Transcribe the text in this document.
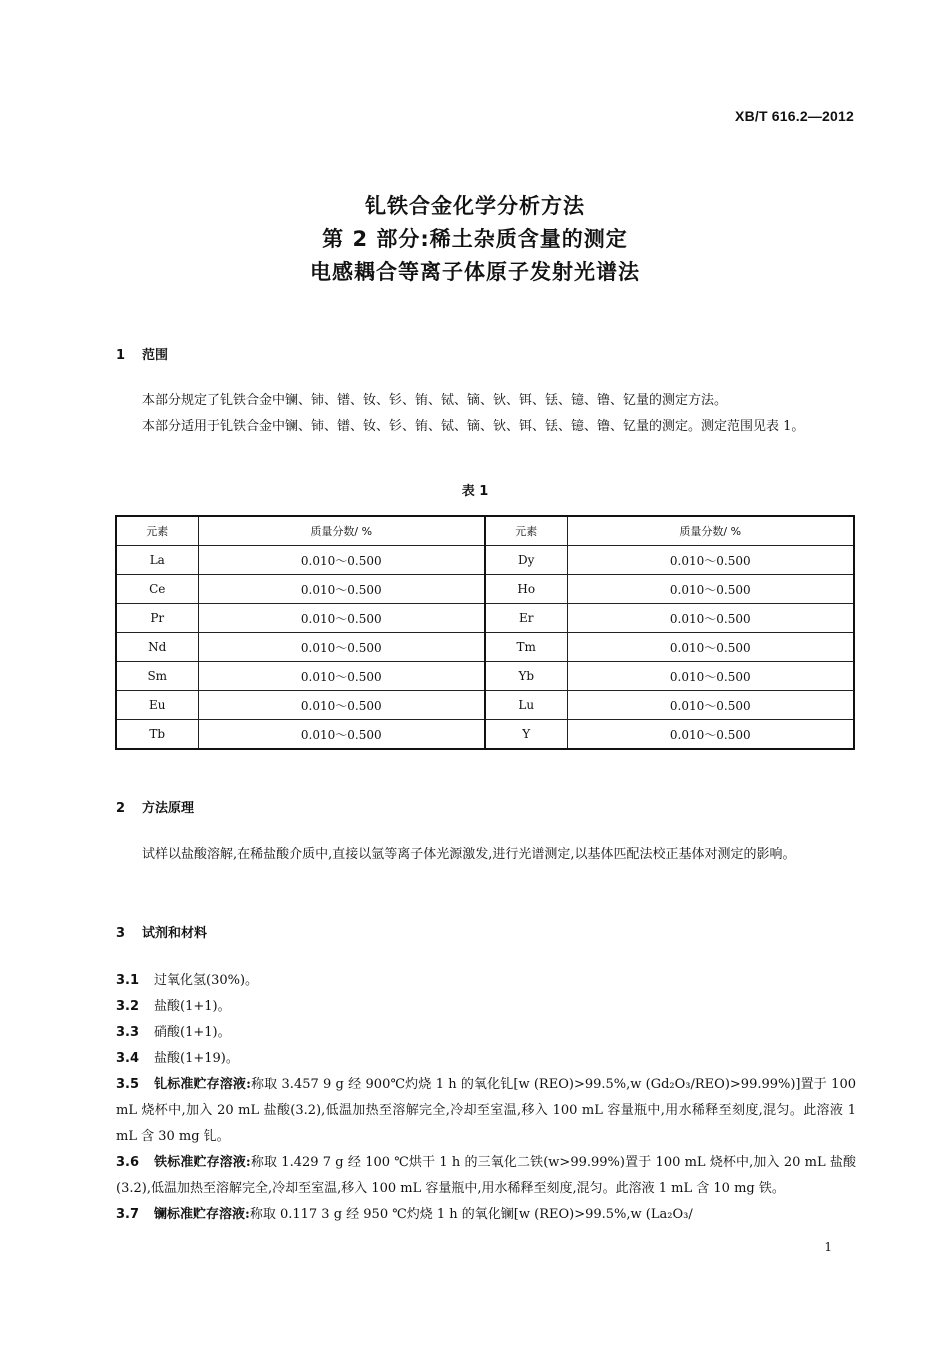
XB/T 616.2—2012
钆铁合金化学分析方法
第 2 部分:稀土杂质含量的测定
电感耦合等离子体原子发射光谱法
1 范围

本部分规定了钆铁合金中镧、铈、镨、钕、钐、铕、铽、镝、钬、铒、铥、镱、镥、钇量的测定方法。

本部分适用于钆铁合金中镧、铈、镨、钕、钐、铕、铽、镝、钬、铒、铥、镱、镥、钇量的测定。测定范围见表 1。

表 1
元素	质量分数/ %	元素	质量分数/ %
La	0.010～0.500	Dy	0.010～0.500
Ce	0.010～0.500	Ho	0.010～0.500
Pr	0.010～0.500	Er	0.010～0.500
Nd	0.010～0.500	Tm	0.010～0.500
Sm	0.010～0.500	Yb	0.010～0.500
Eu	0.010～0.500	Lu	0.010～0.500
Tb	0.010～0.500	Y	0.010～0.500
2 方法原理

试样以盐酸溶解,在稀盐酸介质中,直接以氩等离子体光源激发,进行光谱测定,以基体匹配法校正基体对测定的影响。

3 试剂和材料

3.1 过氧化氢(30%)。

3.2 盐酸(1+1)。

3.3 硝酸(1+1)。

3.4 盐酸(1+19)。

3.5 钆标准贮存溶液:称取 3.457 9 g 经 900℃灼烧 1 h 的氧化钆[w (REO)>99.5%,w (Gd₂O₃/REO)>99.99%)]置于 100 mL 烧杯中,加入 20 mL 盐酸(3.2),低温加热至溶解完全,冷却至室温,移入 100 mL 容量瓶中,用水稀释至刻度,混匀。此溶液 1 mL 含 30 mg 钆。

3.6 铁标准贮存溶液:称取 1.429 7 g 经 100 ℃烘干 1 h 的三氧化二铁(w>99.99%)置于 100 mL 烧杯中,加入 20 mL 盐酸(3.2),低温加热至溶解完全,冷却至室温,移入 100 mL 容量瓶中,用水稀释至刻度,混匀。此溶液 1 mL 含 10 mg 铁。

3.7 镧标准贮存溶液:称取 0.117 3 g 经 950 ℃灼烧 1 h 的氧化镧[w (REO)>99.5%,w (La₂O₃/

1
